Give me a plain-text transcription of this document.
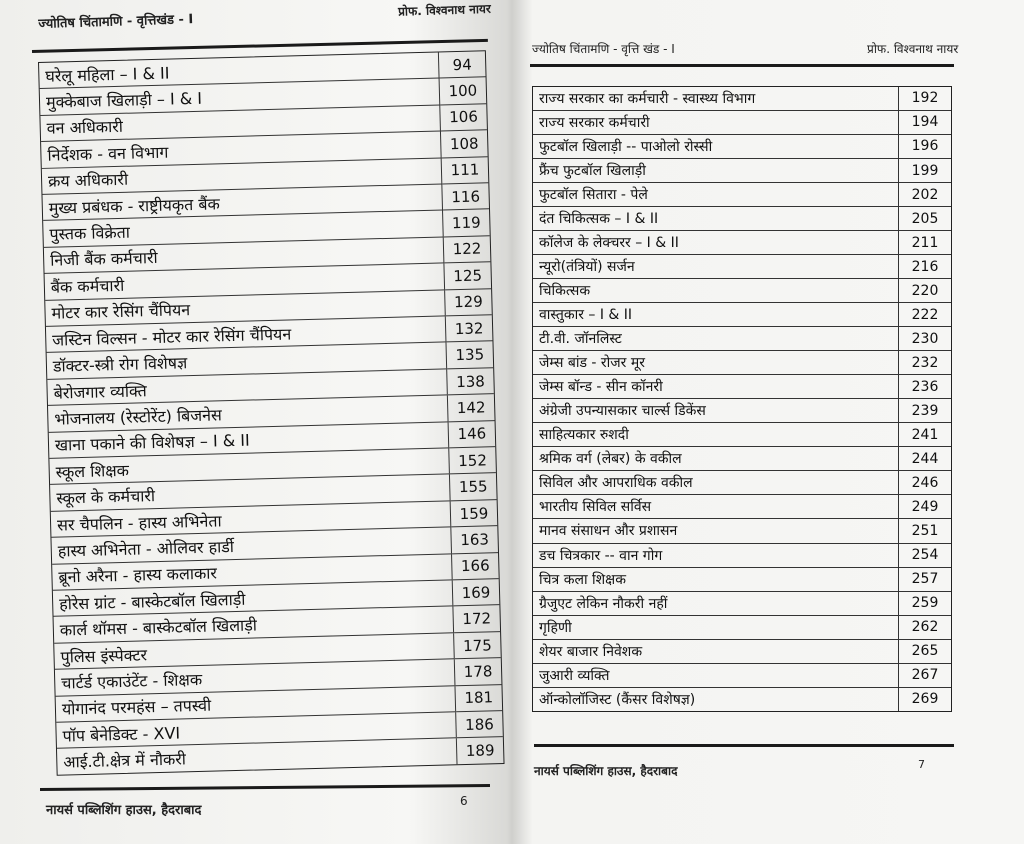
ज्योतिष चिंतामणि - वृत्तिखंड - I
प्रोफ. विश्वनाथ नायर
घरेलू महिला – I & II	94
मुक्केबाज खिलाड़ी – I & I	100
वन अधिकारी	106
निर्देशक - वन विभाग	108
क्रय अधिकारी	111
मुख्य प्रबंधक - राष्ट्रीयकृत बैंक	116
पुस्तक विक्रेता	119
निजी बैंक कर्मचारी	122
बैंक कर्मचारी	125
मोटर कार रेसिंग चैंपियन	129
जस्टिन विल्सन - मोटर कार रेसिंग चैंपियन	132
डॉक्टर-स्त्री रोग विशेषज्ञ	135
बेरोजगार व्यक्ति	138
भोजनालय (रेस्टोरेंट) बिजनेस	142
खाना पकाने की विशेषज्ञ – I & II	146
स्कूल शिक्षक	152
स्कूल के कर्मचारी	155
सर चैपलिन - हास्य अभिनेता	159
हास्य अभिनेता - ओलिवर हार्डी	163
ब्रूनो अरैना - हास्य कलाकार	166
होरेस ग्रांट - बास्केटबॉल खिलाड़ी	169
कार्ल थॉमस - बास्केटबॉल खिलाड़ी	172
पुलिस इंस्पेक्टर	175
चार्टर्ड एकाउंटेंट - शिक्षक	178
योगानंद परमहंस – तपस्वी	181
पॉप बेनेडिक्ट - XVI	186
आई.टी.क्षेत्र में नौकरी	189
नायर्स पब्लिशिंग हाउस, हैदराबाद
6
ज्योतिष चिंतामणि - वृत्ति खंड - I	प्रोफ. विश्वनाथ नायर
राज्य सरकार का कर्मचारी - स्वास्थ्य विभाग	192
राज्य सरकार कर्मचारी	194
फुटबॉल खिलाड़ी -- पाओलो रोस्सी	196
फ्रैंच फुटबॉल खिलाड़ी	199
फुटबॉल सितारा - पेले	202
दंत चिकित्सक – I & II	205
कॉलेज के लेक्चरर – I & II	211
न्यूरो(तंत्रियों) सर्जन	216
चिकित्सक	220
वास्तुकार – I & II	222
टी.वी. जॉनलिस्ट	230
जेम्स बांड - रोजर मूर	232
जेम्स बॉन्ड - सीन कॉनरी	236
अंग्रेजी उपन्यासकार चार्ल्स डिकेंस	239
साहित्यकार रुशदी	241
श्रमिक वर्ग (लेबर) के वकील	244
सिविल और आपराधिक वकील	246
भारतीय सिविल सर्विस	249
मानव संसाधन और प्रशासन	251
डच चित्रकार -- वान गोग	254
चित्र कला शिक्षक	257
ग्रैजुएट लेकिन नौकरी नहीं	259
गृहिणी	262
शेयर बाजार निवेशक	265
जुआरी व्यक्ति	267
ऑन्कोलॉजिस्ट (कैंसर विशेषज्ञ)	269
नायर्स पब्लिशिंग हाउस, हैदराबाद	7
